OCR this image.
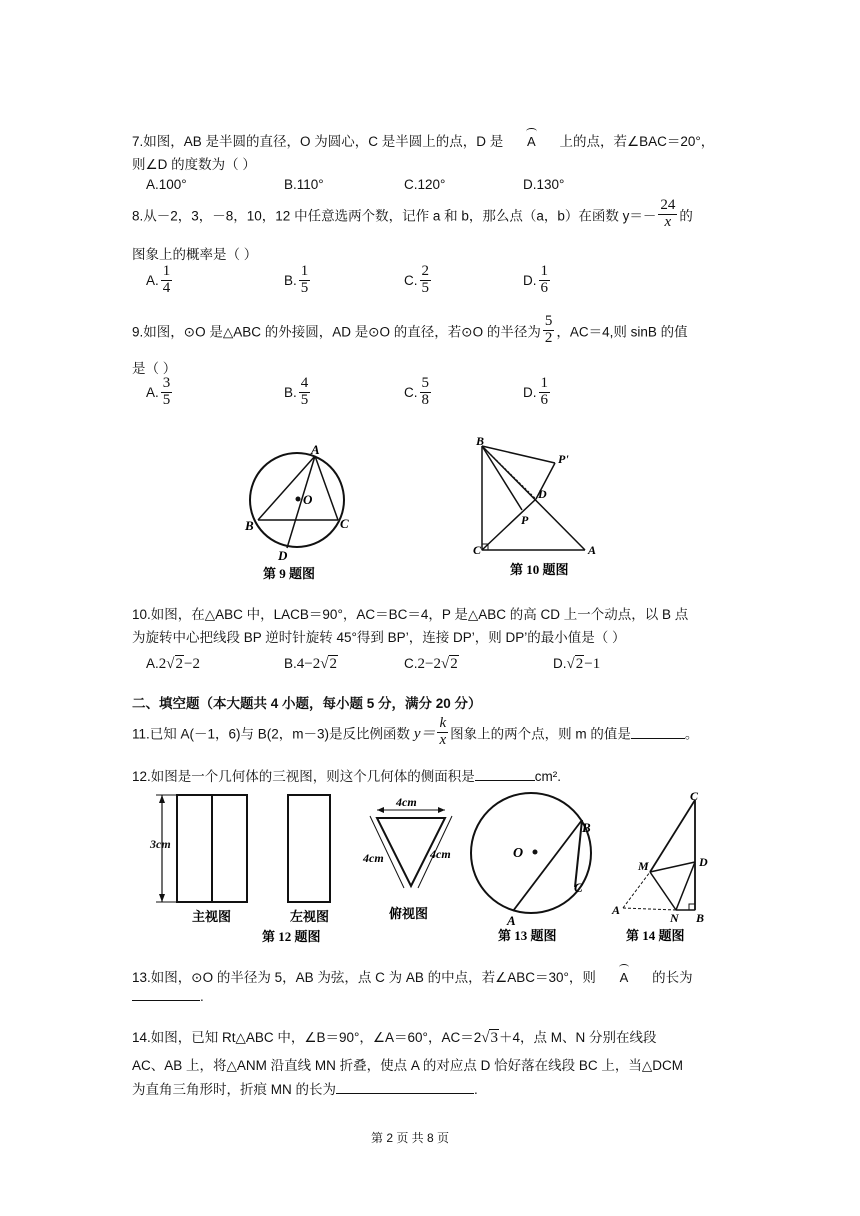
7.如图，AB 是半圆的直径，O 为圆心，C 是半圆上的点，D 是 A 上的点，若∠BAC＝20°，
则∠D 的度数为（ ）
A.100°	B.110°	C.120°	D.130°
8.从－2，3，－8，10，12 中任意选两个数，记作 a 和 b，那么点（a，b）在函数 $y=- \frac{24}{x}$ 的
图象上的概率是（ ）
A. $\frac{1}{4}$	B. $\frac{1}{5}$	C. $\frac{2}{5}$	D. $\frac{1}{6}$
9.如图，⊙O 是△ABC 的外接圆，AD 是⊙O 的直径，若⊙O 的半径为 $\frac{5}{2}$ ，AC＝4,则 sinB 的值
是（ ）
A. $\frac{3}{5}$	B. $\frac{4}{5}$	C. $\frac{5}{8}$	D. $\frac{1}{6}$
A
O
B	C
D
第 9 题图
B
P'
D
P
C	A
第 10 题图
10.如图，在△ABC 中，LACB＝90°，AC＝BC＝4，P 是△ABC 的高 CD 上一个动点，以 B 点
为旋转中心把线段 BP 逆时针旋转 45°得到 BP’，连接 DP’，则 DP’的最小值是（ ）
A.2√2−2	B.4−2√2	C.2−2√2	D.√2−1
二、填空题（本大题共 4 小题，每小题 5 分，满分 20 分）
11.已知 A(－1，6)与 B(2，m－3)是反比例函数 $y= \frac{k}{x}$ 图象上的两个点，则 m 的值是	。
12.如图是一个几何体的三视图，则这个几何体的侧面积是	cm².
3cm
主视图	左视图
4cm
4cm	4cm
俯视图
第 12 题图
O
B
C
A
第 13 题图
C
M	D
A
N B
第 14 题图
13.如图，⊙O 的半径为 5，AB 为弦，点 C 为 AB 的中点，若∠ABC＝30°，则 A 的长为
.
14.如图，已知 Rt△ABC 中，∠B＝90°，∠A＝60°，AC＝2√3＋4，点 M、N 分别在线段
AC、AB 上，将△ANM 沿直线 MN 折叠，使点 A 的对应点 D 恰好落在线段 BC 上，当△DCM
为直角三角形时，折痕 MN 的长为	.
第 2 页 共 8 页
